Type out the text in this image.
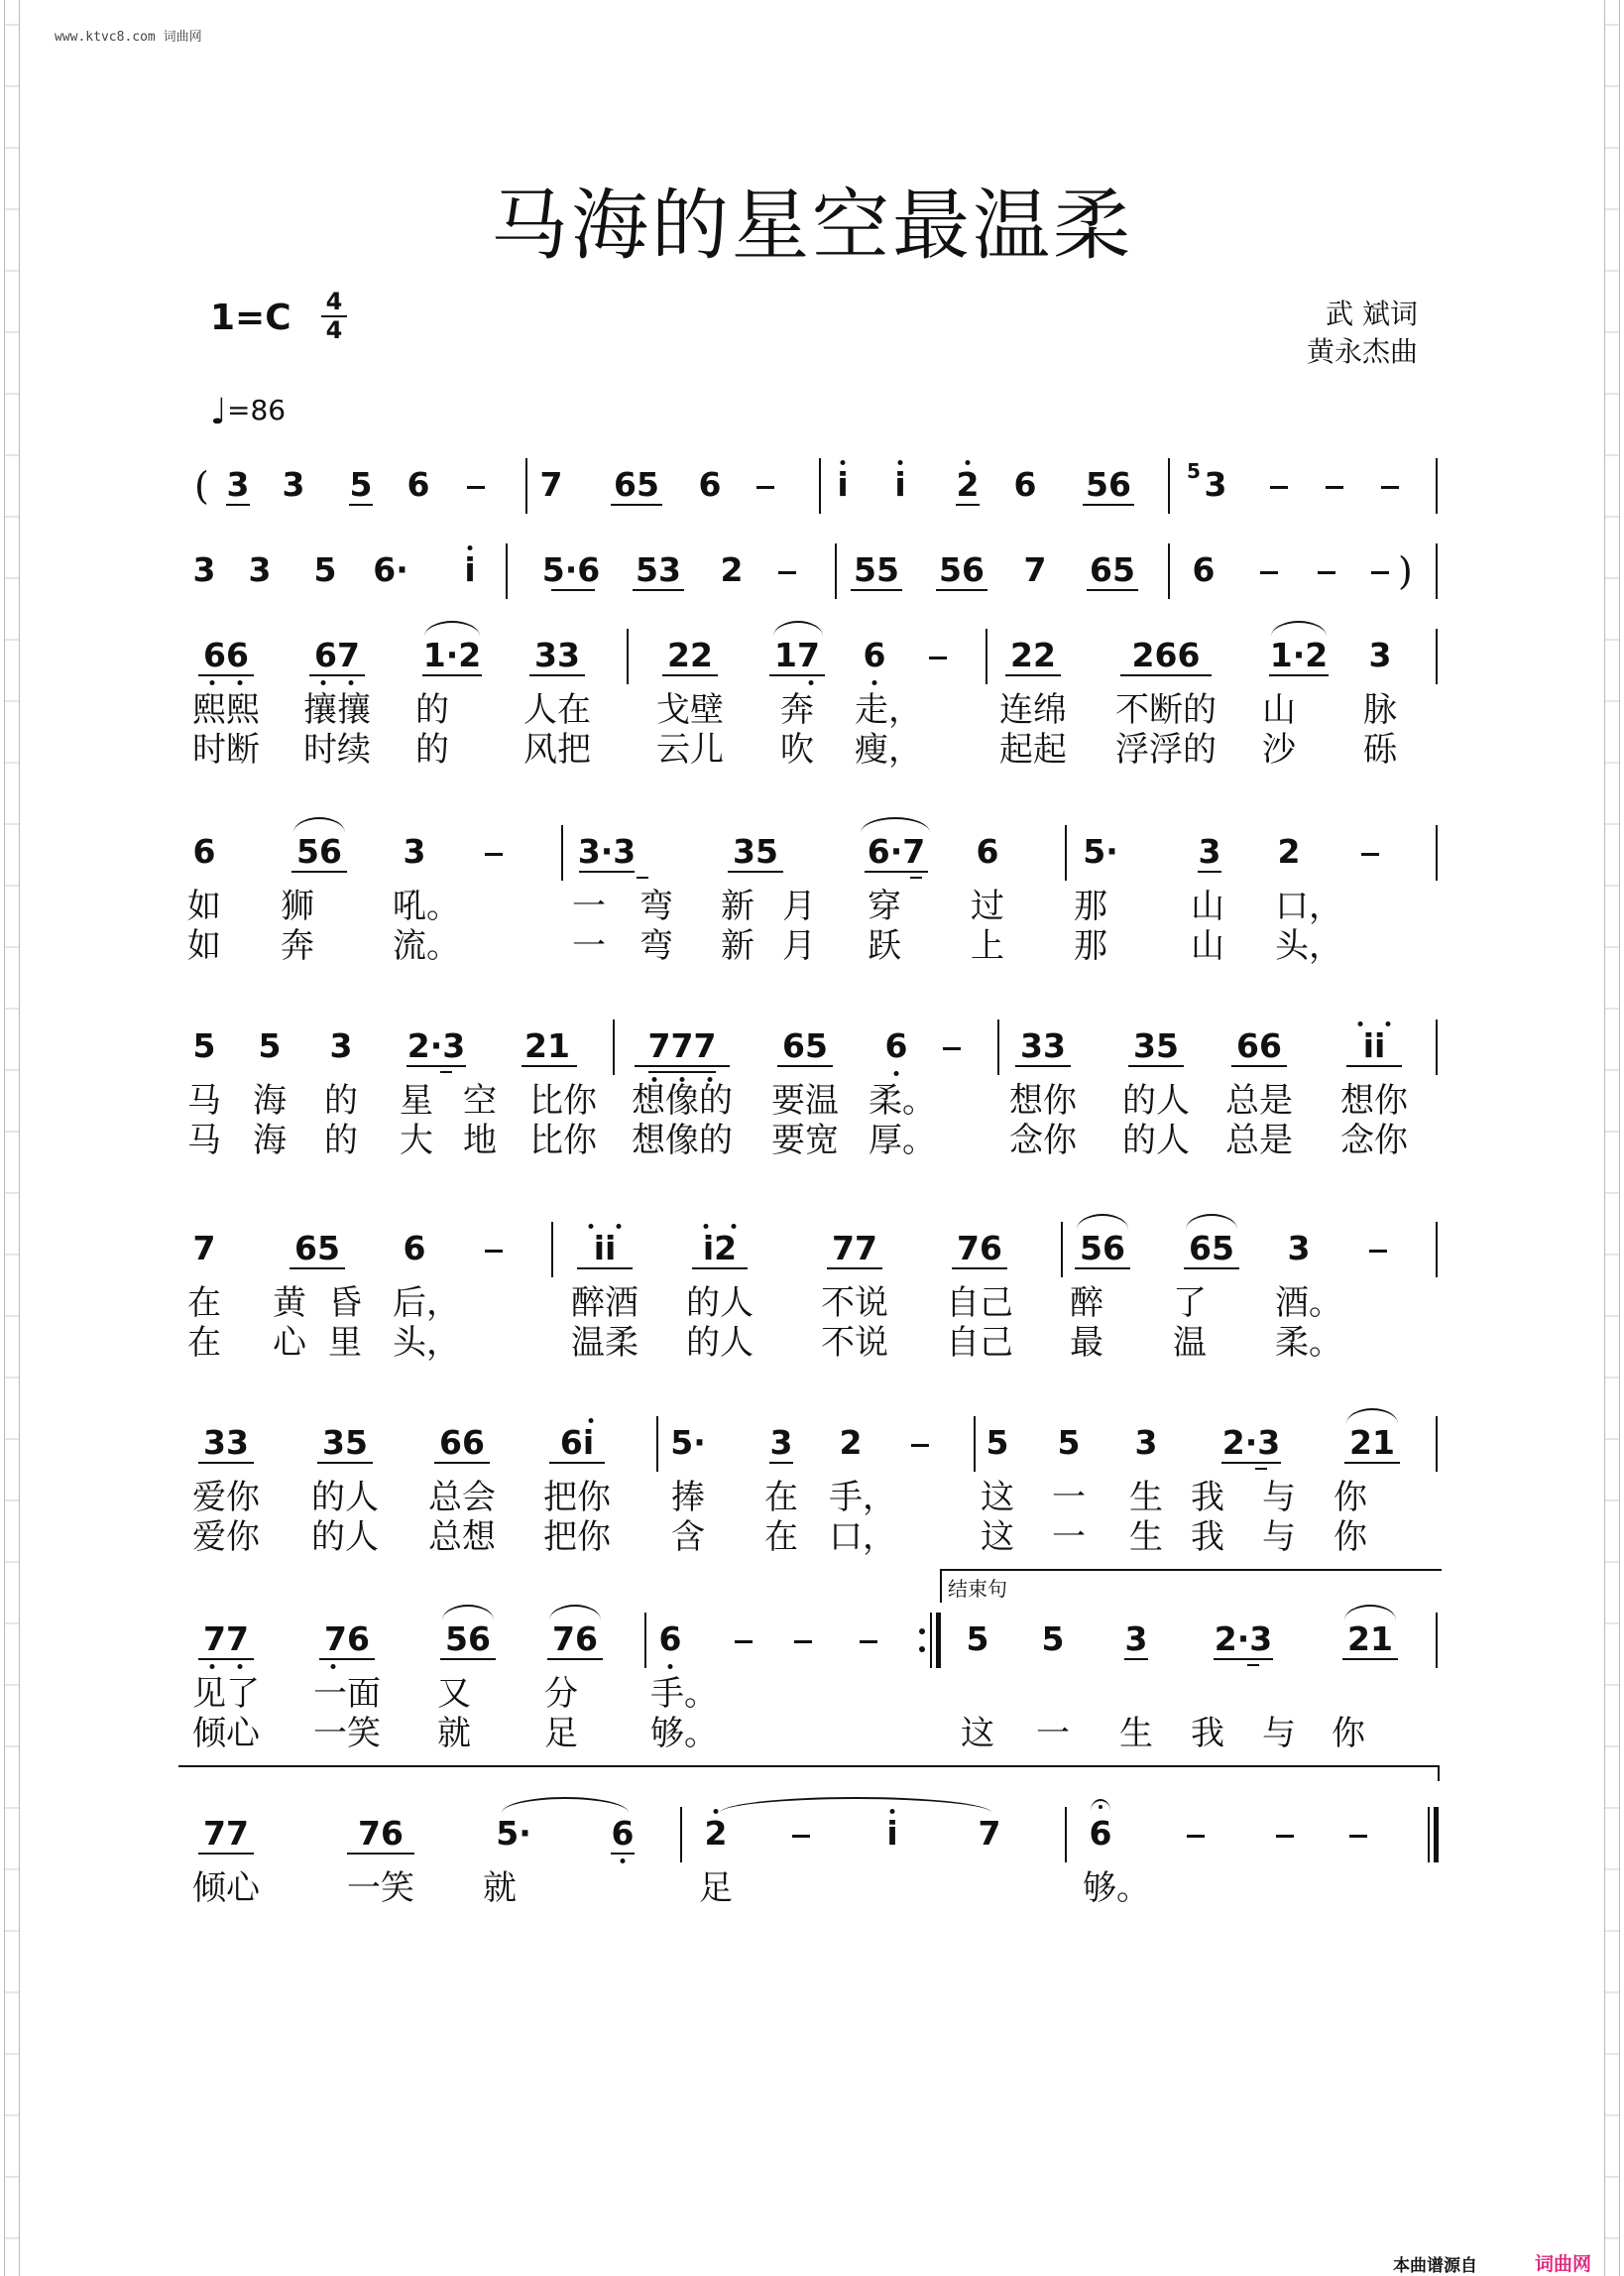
www.ktvc8.com 词曲网
马海的星空最温柔
1=C 4
4	武 斌词
黄永杰曲
♩=86
( 3 3 5 6	7 65 6	i i 2 6 56	5 3
3 3 5 6· i 5·6 53 2	55 56 7 65 6	)
66 67 1·2 33	22 17 6	22 266 1·2 3
熙熙 攘攘 的 人在 戈壁 奔 走， 连绵 不断的 山 脉
时断 时续 的 风把 云儿 吹 瘦， 起起 浮浮的 沙 砾
6 56 3	3·3	35	6·7 6	5· 3 2
如 狮 吼。	一 弯 新 月 穿 过 那 山 口，
如 奔 流。	一 弯 新 月 跃 上 那 山 头，
5 5 3 2·3 21 777 65 6	33 35 66 ii
马 海 的 星 空 比你 想像的 要温 柔。 想你 的人 总是 想你
马 海 的 大 地 比你 想像的 要宽 厚。 念你 的人 总是 念你
7 65 6	ii	i2	77 76 56 65 3
在 黄 昏 后，	醉酒 的人 不说 自己 醉 了 酒。
在 心 里 头，	温柔 的人 不说 自己 最 温 柔。
33 35 66 6i 5· 3 2	5 5 3 2·3 21
爱你 的人 总会 把你 捧 在 手，	这 一 生 我 与 你
爱你 的人 总想 把你 含 在 口，	这 一 生 我 与 你
结束句
77 76 56 76 6	5 5 3 2·3 21
见了 一面 又 分 手。
倾心 一笑 就 足 够。	这 一 生 我 与 你
77	76	5· 6 2	i 7	6
倾心	一笑 就	足	够。
本曲谱源自	词曲网
